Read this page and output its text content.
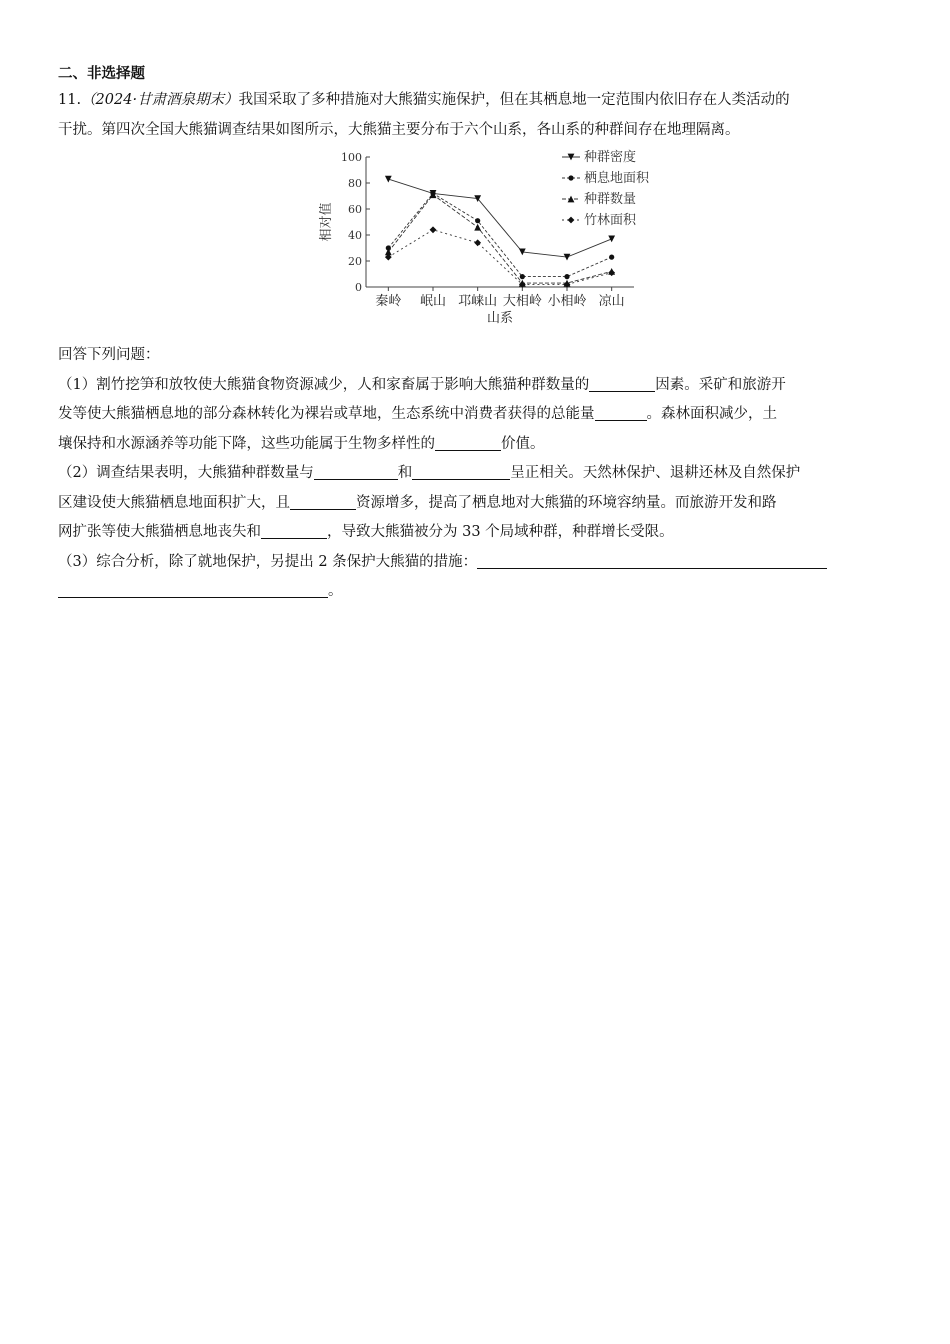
二、非选择题

11.（2024·甘肃酒泉期末）我国采取了多种措施对大熊猫实施保护，但在其栖息地一定范围内依旧存在人类活动的
干扰。第四次全国大熊猫调查结果如图所示，大熊猫主要分布于六个山系，各山系的种群间存在地理隔离。

0
20
40
60
80
100
相对值
秦岭 岷山 邛崃山 大相岭 小相岭 凉山
山系
种群密度
栖息地面积
种群数量
竹林面积

回答下列问题：

（1）割竹挖笋和放牧使大熊猫食物资源减少，人和家畜属于影响大熊猫种群数量的	因素。采矿和旅游开
发等使大熊猫栖息地的部分森林转化为裸岩或草地，生态系统中消费者获得的总能量	。森林面积减少，土
壤保持和水源涵养等功能下降，这些功能属于生物多样性的	价值。

（2）调查结果表明，大熊猫种群数量与	和	呈正相关。天然林保护、退耕还林及自然保护
区建设使大熊猫栖息地面积扩大，且	资源增多，提高了栖息地对大熊猫的环境容纳量。而旅游开发和路
网扩张等使大熊猫栖息地丧失和	，导致大熊猫被分为 33 个局域种群，种群增长受限。

（3）综合分析，除了就地保护，另提出 2 条保护大熊猫的措施：
。
